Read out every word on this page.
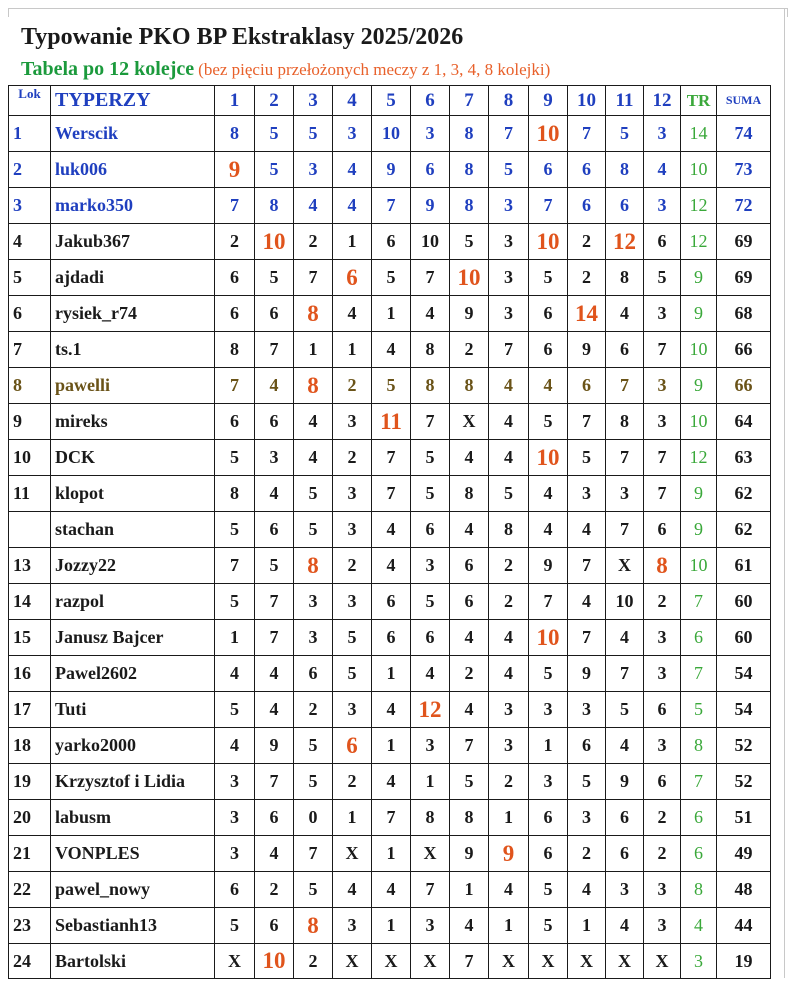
Typowanie PKO BP Ekstraklasy 2025/2026
Tabela po 12 kolejce (bez pięciu przełożonych meczy z 1, 3, 4, 8 kolejki)
Lok	TYPERZY	1	2	3	4	5	6	7	8	9	10	11	12	TR	SUMA
1	Werscik	8	5	5	3	10	3	8	7	10	7	5	3	14	74
2	luk006	9	5	3	4	9	6	8	5	6	6	8	4	10	73
3	marko350	7	8	4	4	7	9	8	3	7	6	6	3	12	72
4	Jakub367	2	10	2	1	6	10	5	3	10	2	12	6	12	69
5	ajdadi	6	5	7	6	5	7	10	3	5	2	8	5	9	69
6	rysiek_r74	6	6	8	4	1	4	9	3	6	14	4	3	9	68
7	ts.1	8	7	1	1	4	8	2	7	6	9	6	7	10	66
8	pawelli	7	4	8	2	5	8	8	4	4	6	7	3	9	66
9	mireks	6	6	4	3	11	7	X	4	5	7	8	3	10	64
10	DCK	5	3	4	2	7	5	4	4	10	5	7	7	12	63
11	klopot	8	4	5	3	7	5	8	5	4	3	3	7	9	62
	stachan	5	6	5	3	4	6	4	8	4	4	7	6	9	62
13	Jozzy22	7	5	8	2	4	3	6	2	9	7	X	8	10	61
14	razpol	5	7	3	3	6	5	6	2	7	4	10	2	7	60
15	Janusz Bajcer	1	7	3	5	6	6	4	4	10	7	4	3	6	60
16	Pawel2602	4	4	6	5	1	4	2	4	5	9	7	3	7	54
17	Tuti	5	4	2	3	4	12	4	3	3	3	5	6	5	54
18	yarko2000	4	9	5	6	1	3	7	3	1	6	4	3	8	52
19	Krzysztof i Lidia	3	7	5	2	4	1	5	2	3	5	9	6	7	52
20	labusm	3	6	0	1	7	8	8	1	6	3	6	2	6	51
21	VONPLES	3	4	7	X	1	X	9	9	6	2	6	2	6	49
22	pawel_nowy	6	2	5	4	4	7	1	4	5	4	3	3	8	48
23	Sebastianh13	5	6	8	3	1	3	4	1	5	1	4	3	4	44
24	Bartolski	X	10	2	X	X	X	7	X	X	X	X	X	3	19
